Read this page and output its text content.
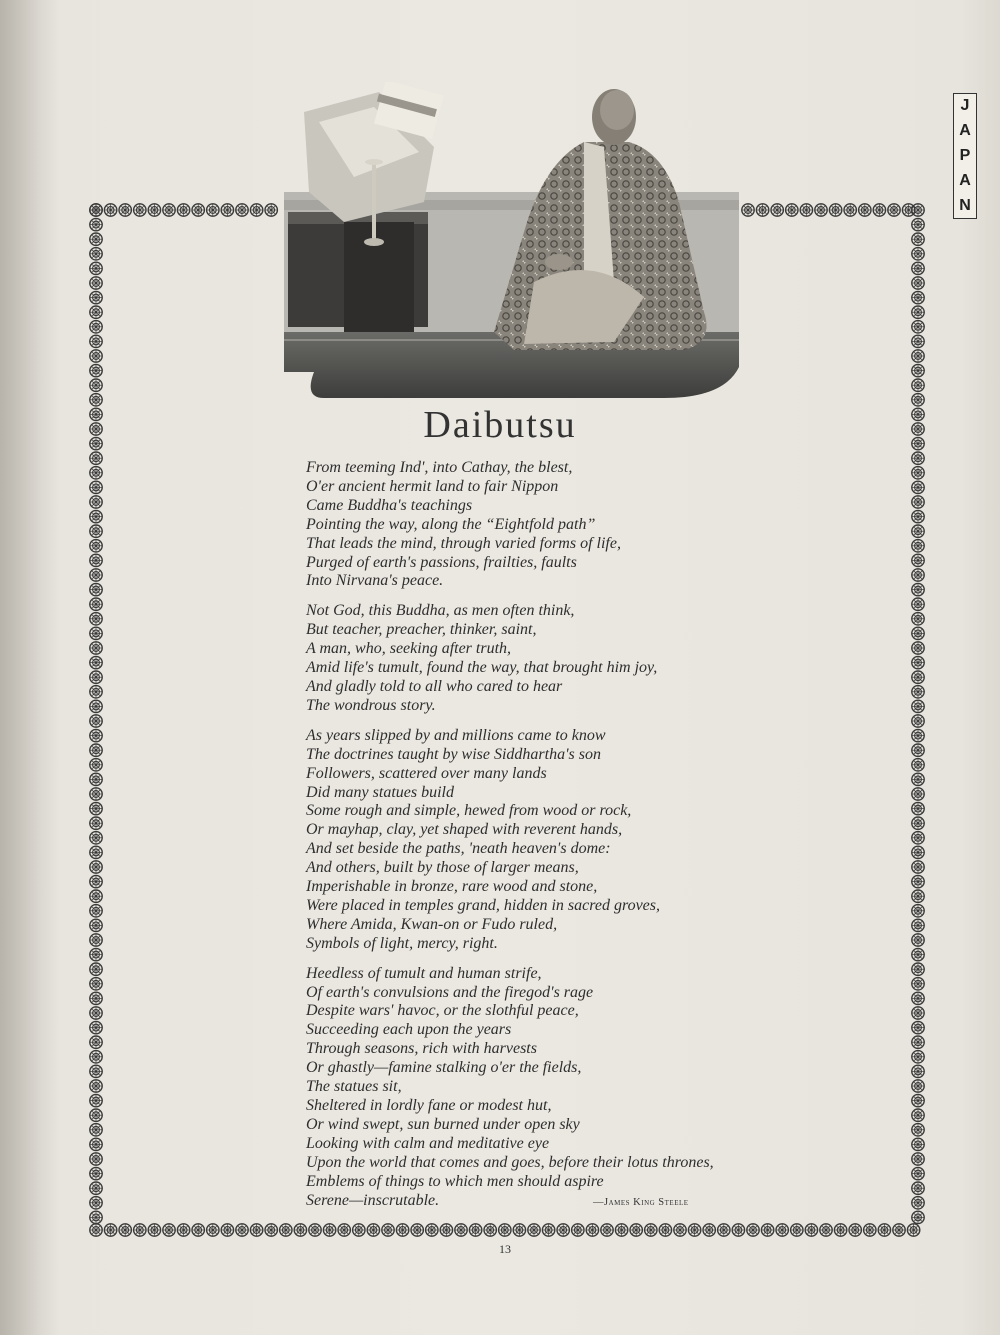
J
A
P
A
N
Daibutsu
From teeming Ind', into Cathay, the blest,
O'er ancient hermit land to fair Nippon
Came Buddha's teachings
Pointing the way, along the “Eightfold path”
That leads the mind, through varied forms of life,
Purged of earth's passions, frailties, faults
Into Nirvana's peace.
Not God, this Buddha, as men often think,
But teacher, preacher, thinker, saint,
A man, who, seeking after truth,
Amid life's tumult, found the way, that brought him joy,
And gladly told to all who cared to hear
The wondrous story.
As years slipped by and millions came to know
The doctrines taught by wise Siddhartha's son
Followers, scattered over many lands
Did many statues build
Some rough and simple, hewed from wood or rock,
Or mayhap, clay, yet shaped with reverent hands,
And set beside the paths, 'neath heaven's dome:
And others, built by those of larger means,
Imperishable in bronze, rare wood and stone,
Were placed in temples grand, hidden in sacred groves,
Where Amida, Kwan-on or Fudo ruled,
Symbols of light, mercy, right.
Heedless of tumult and human strife,
Of earth's convulsions and the firegod's rage
Despite wars' havoc, or the slothful peace,
Succeeding each upon the years
Through seasons, rich with harvests
Or ghastly—famine stalking o'er the fields,
The statues sit,
Sheltered in lordly fane or modest hut,
Or wind swept, sun burned under open sky
Looking with calm and meditative eye
Upon the world that comes and goes, before their lotus thrones,
Emblems of things to which men should aspire
Serene—inscrutable.	—James King Steele
13
